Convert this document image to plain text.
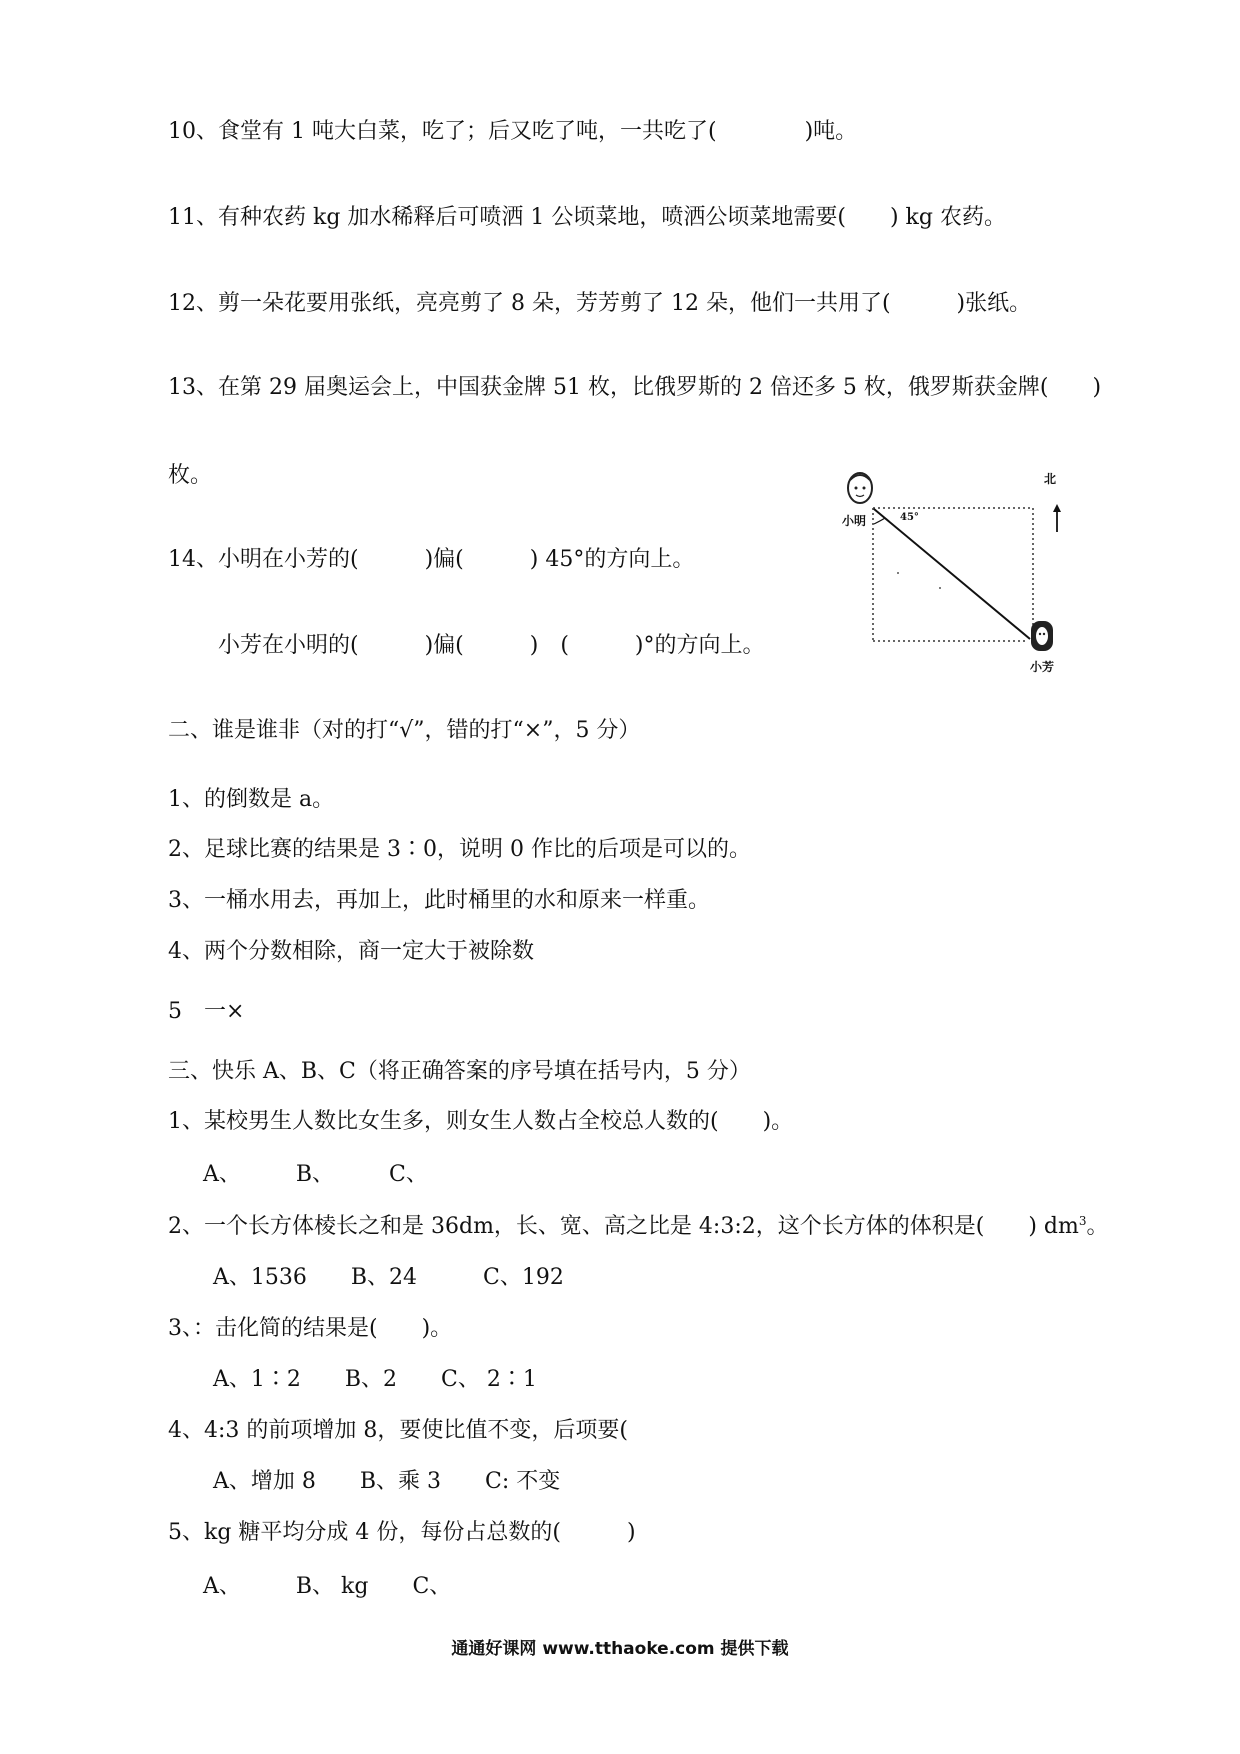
10、食堂有 1 吨大白菜，吃了；后又吃了吨，一共吃了(　　　　)吨。
11、有种农药 kg 加水稀释后可喷洒 1 公顷菜地，喷洒公顷菜地需要(　　) kg 农药。
12、剪一朵花要用张纸，亮亮剪了 8 朵，芳芳剪了 12 朵，他们一共用了(　　　)张纸。
13、在第 29 届奥运会上，中国获金牌 51 枚，比俄罗斯的 2 倍还多 5 枚，俄罗斯获金牌(　　)
枚。
14、小明在小芳的(　　　)偏(　　　) 45°的方向上。
小芳在小明的(　　　)偏(　　　)　(　　　)°的方向上。
小明
北
45°
小芳
二、谁是谁非（对的打“√”，错的打“×”，5 分）
1、的倒数是 a。
2、足球比赛的结果是 3∶0，说明 0 作比的后项是可以的。
3、一桶水用去，再加上，此时桶里的水和原来一样重。
4、两个分数相除，商一定大于被除数
5　一×
三、快乐 A、B、C（将正确答案的序号填在括号内，5 分）
1、某校男生人数比女生多，则女生人数占全校总人数的(　　)。
A、　　　B、　　　C、
2、一个长方体棱长之和是 36dm，长、宽、高之比是 4:3:2，这个长方体的体积是(　　) $dm^3$。
A、1536　　B、24　　　C、192
3、：击化简的结果是(　　)。
A、1∶2　　B、2　　C、 2∶1
4、4:3 的前项增加 8，要使比值不变，后项要(
A、增加 8　　B、乘 3　　C: 不变
5、kg 糖平均分成 4 份，每份占总数的(　　　)
A、　　　B、 kg　　C、
通通好课网 www.tthaoke.com 提供下载
